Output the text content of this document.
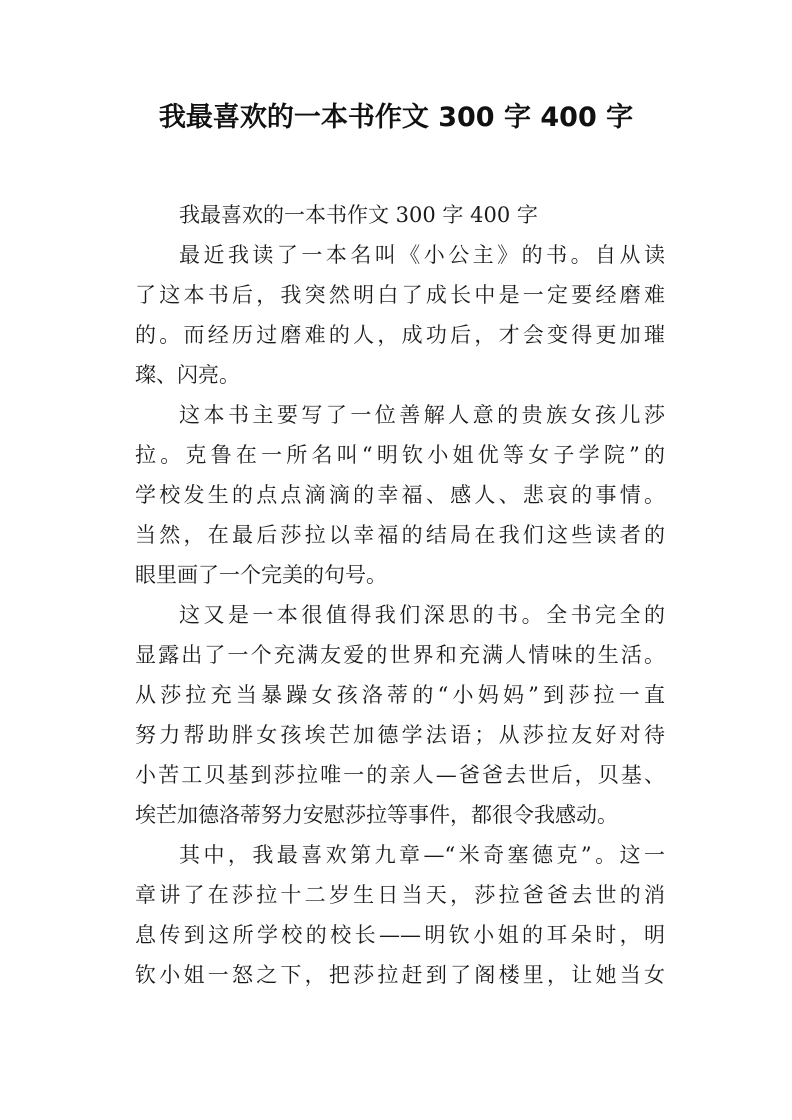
我最喜欢的一本书作文 300 字 400 字
我最喜欢的一本书作文 300 字 400 字
最近我读了一本名叫《小公主》的书。自从读
了这本书后，我突然明白了成长中是一定要经磨难
的。而经历过磨难的人，成功后，才会变得更加璀
璨、闪亮。
这本书主要写了一位善解人意的贵族女孩儿莎
拉。克鲁在一所名叫“明钦小姐优等女子学院”的
学校发生的点点滴滴的幸福、感人、悲哀的事情。
当然，在最后莎拉以幸福的结局在我们这些读者的
眼里画了一个完美的句号。
这又是一本很值得我们深思的书。全书完全的
显露出了一个充满友爱的世界和充满人情味的生活。
从莎拉充当暴躁女孩洛蒂的“小妈妈”到莎拉一直
努力帮助胖女孩埃芒加德学法语；从莎拉友好对待
小苦工贝基到莎拉唯一的亲人—爸爸去世后，贝基、
埃芒加德洛蒂努力安慰莎拉等事件，都很令我感动。
其中，我最喜欢第九章—“米奇塞德克”。这一
章讲了在莎拉十二岁生日当天，莎拉爸爸去世的消
息传到这所学校的校长——明钦小姐的耳朵时，明
钦小姐一怒之下，把莎拉赶到了阁楼里，让她当女
